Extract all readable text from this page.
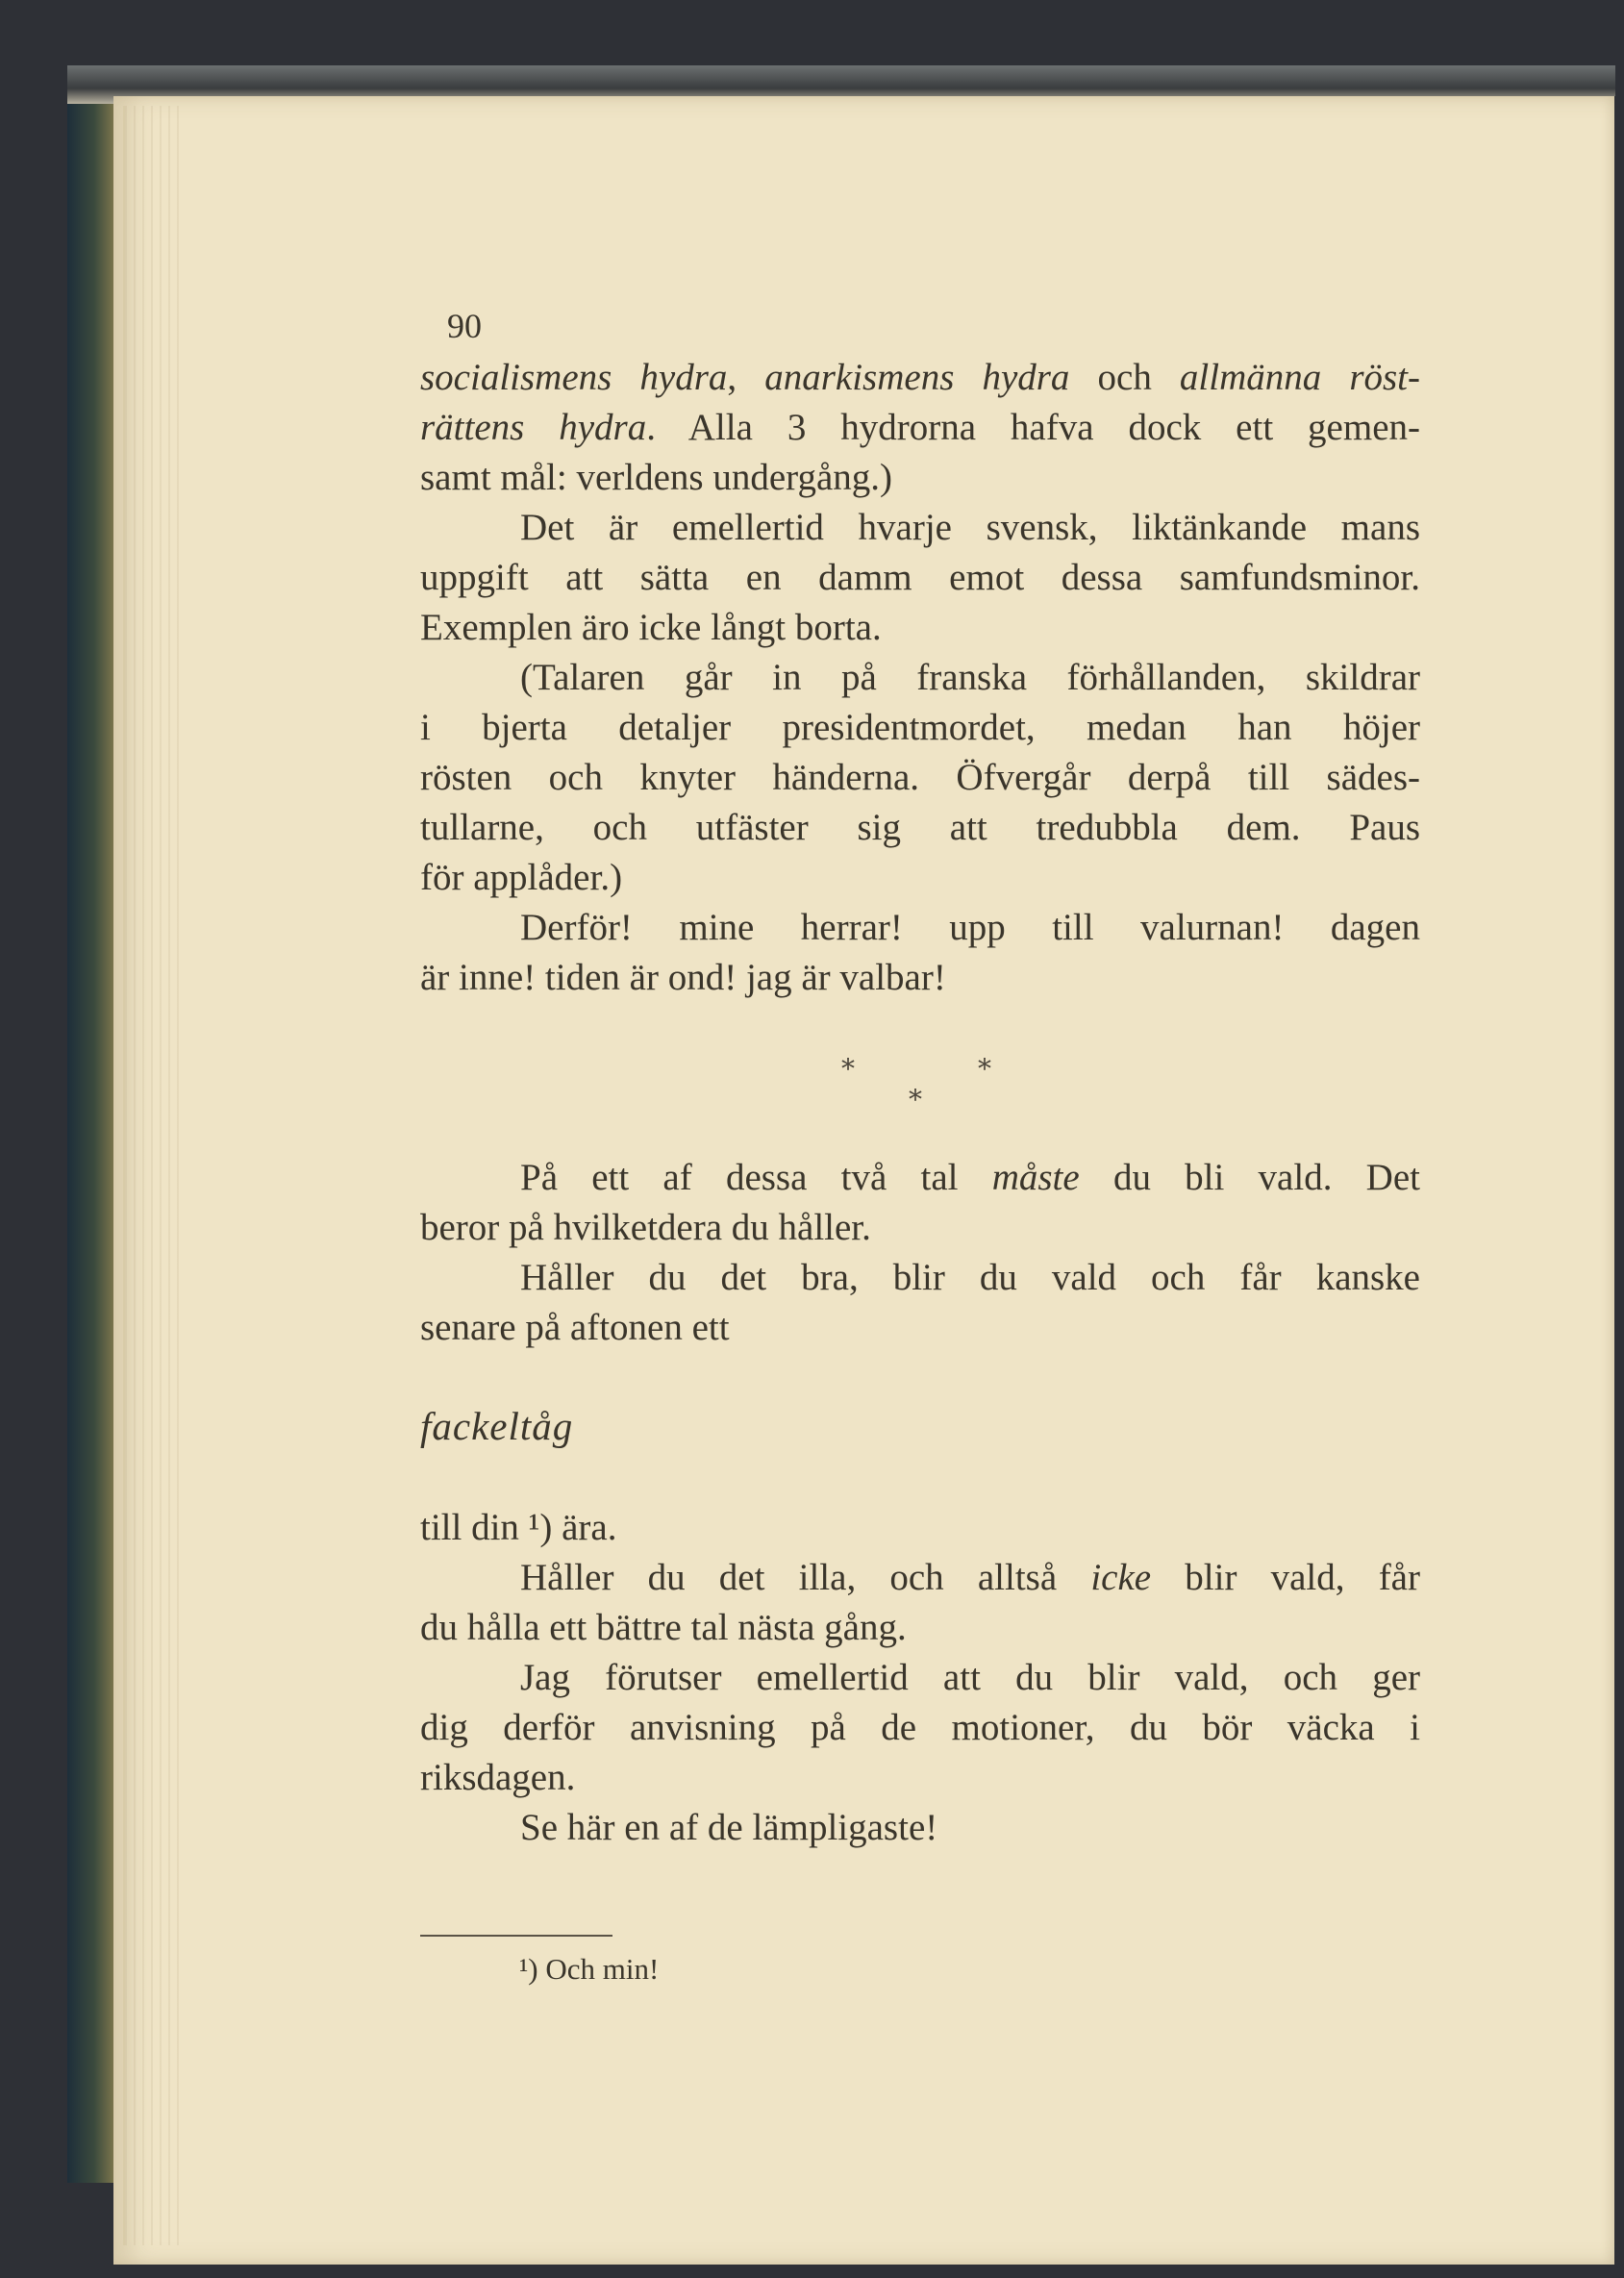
90
socialismens hydra, anarkismens hydra och allmänna röst-
rättens hydra. Alla 3 hydrorna hafva dock ett gemen-
samt mål: verldens undergång.)
Det är emellertid hvarje svensk, liktänkande mans
uppgift att sätta en damm emot dessa samfundsminor.
Exemplen äro icke långt borta.
(Talaren går in på franska förhållanden, skildrar
i bjerta detaljer presidentmordet, medan han höjer
rösten och knyter händerna. Öfvergår derpå till sädes-
tullarne, och utfäster sig att tredubbla dem. Paus
för applåder.)
Derför! mine herrar! upp till valurnan! dagen
är inne! tiden är ond! jag är valbar!
På ett af dessa två tal måste du bli vald. Det
beror på hvilketdera du håller.
Håller du det bra, blir du vald och får kanske
senare på aftonen ett
fackeltåg
till din ¹) ära.
Håller du det illa, och alltså icke blir vald, får
du hålla ett bättre tal nästa gång.
Jag förutser emellertid att du blir vald, och ger
dig derför anvisning på de motioner, du bör väcka i
riksdagen.
Se här en af de lämpligaste!
*	*
*
¹) Och min!
